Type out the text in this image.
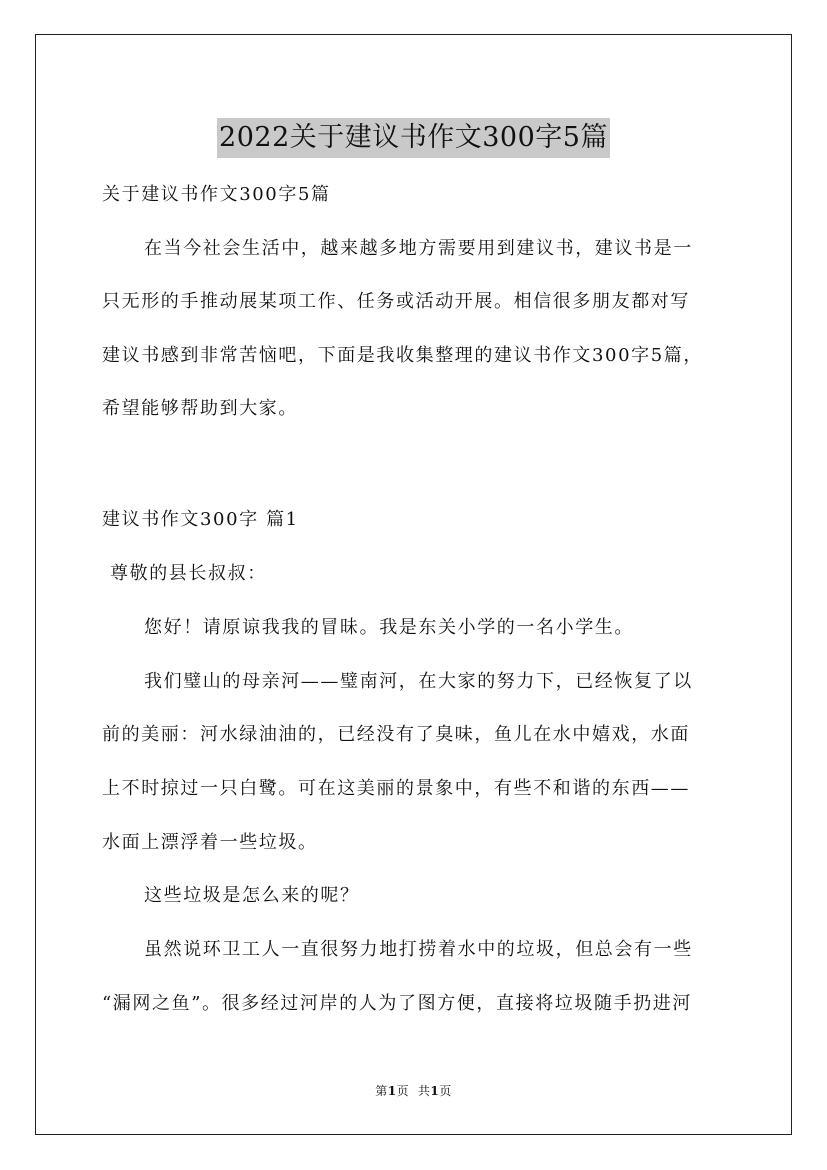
2022关于建议书作文300字5篇
关于建议书作文300字5篇
在当今社会生活中，越来越多地方需要用到建议书，建议书是一
只无形的手推动展某项工作、任务或活动开展。相信很多朋友都对写
建议书感到非常苦恼吧，下面是我收集整理的建议书作文300字5篇，
希望能够帮助到大家。
建议书作文300字 篇1
尊敬的县长叔叔：
您好！请原谅我我的冒昧。我是东关小学的一名小学生。
我们璧山的母亲河——璧南河，在大家的努力下，已经恢复了以
前的美丽：河水绿油油的，已经没有了臭味，鱼儿在水中嬉戏，水面
上不时掠过一只白鹭。可在这美丽的景象中，有些不和谐的东西——
水面上漂浮着一些垃圾。
这些垃圾是怎么来的呢？
虽然说环卫工人一直很努力地打捞着水中的垃圾，但总会有一些
“漏网之鱼”。很多经过河岸的人为了图方便，直接将垃圾随手扔进河
第1页 共1页
